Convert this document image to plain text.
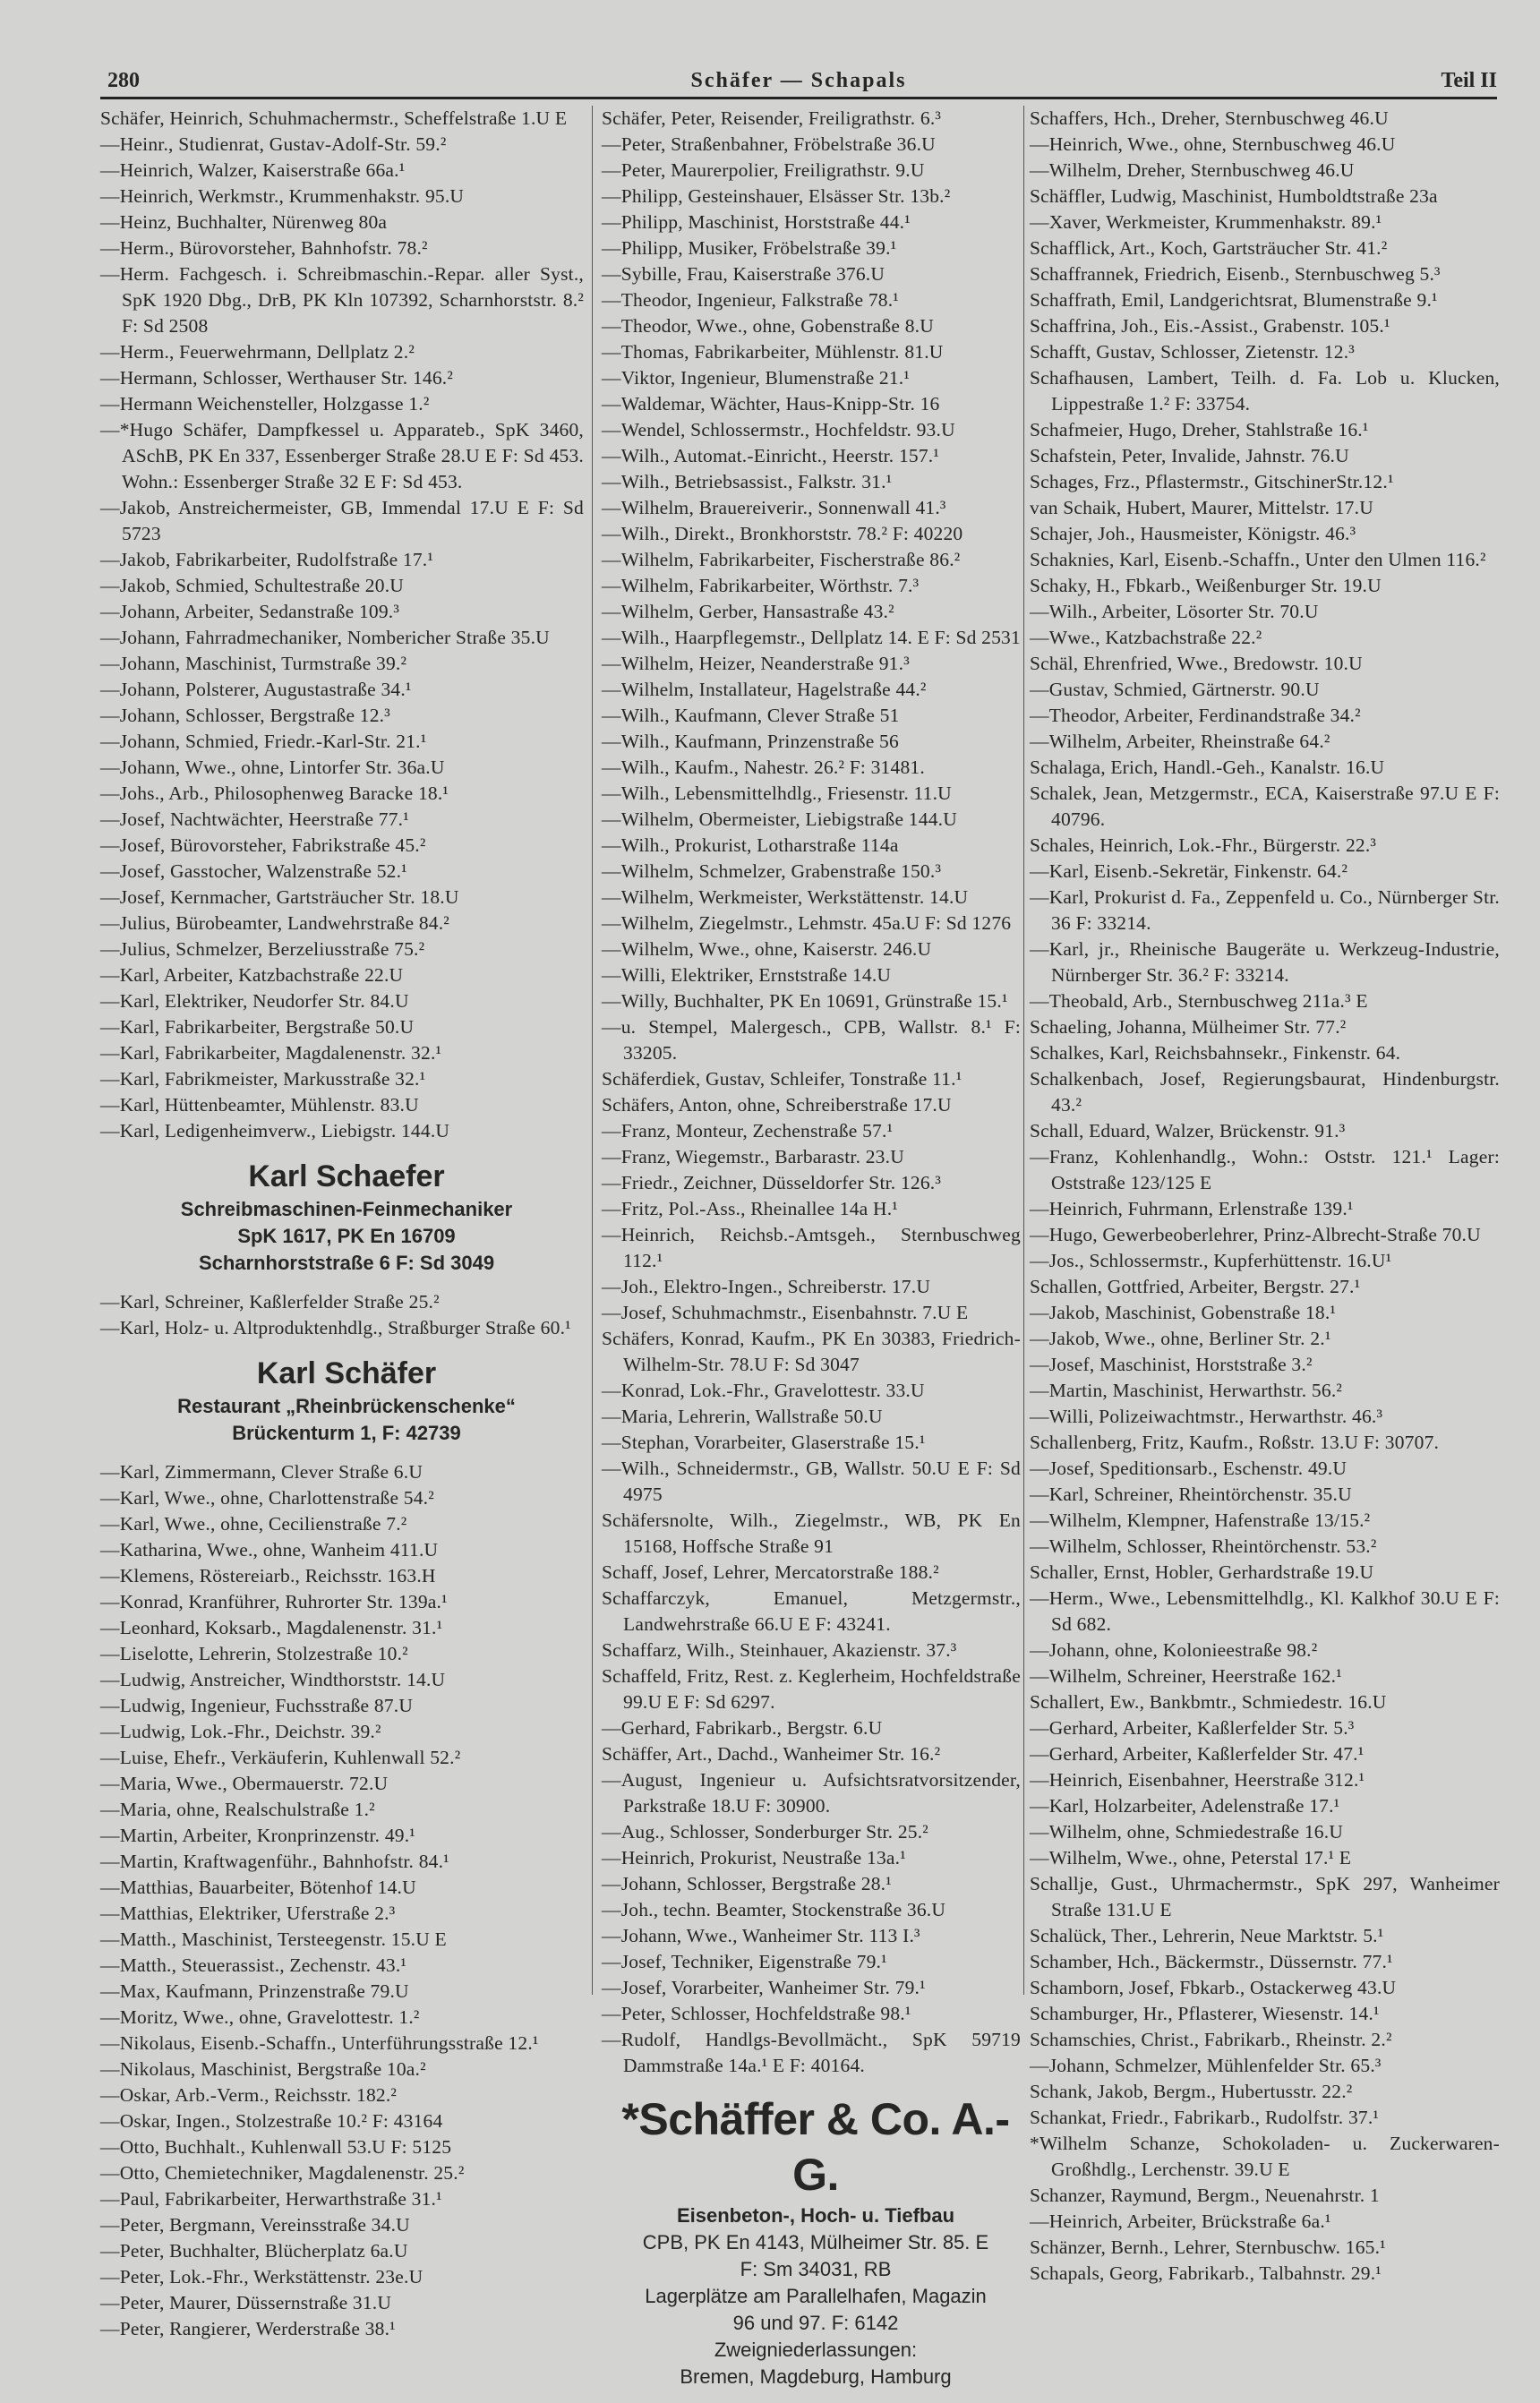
280	Schäfer — Schapals	Teil II
Schäfer, Heinrich, Schuhmachermstr., Scheffelstraße 1.U E
—Heinr., Studienrat, Gustav-Adolf-Str. 59.²
—Heinrich, Walzer, Kaiserstraße 66a.¹
—Heinrich, Werkmstr., Krummenhakstr. 95.U
—Heinz, Buchhalter, Nürenweg 80a
—Herm., Bürovorsteher, Bahnhofstr. 78.²
—Herm. Fachgesch. i. Schreibmaschin.-Repar. aller Syst., SpK 1920 Dbg., DrB, PK Kln 107392, Scharnhorststr. 8.² F: Sd 2508
—Herm., Feuerwehrmann, Dellplatz 2.²
—Hermann, Schlosser, Werthauser Str. 146.²
—Hermann Weichensteller, Holzgasse 1.²
—*Hugo Schäfer, Dampfkessel u. Apparateb., SpK 3460, ASchB, PK En 337, Essenberger Straße 28.U E F: Sd 453. Wohn.: Essenberger Straße 32 E F: Sd 453.
—Jakob, Anstreichermeister, GB, Immendal 17.U E F: Sd 5723
—Jakob, Fabrikarbeiter, Rudolfstraße 17.¹
—Jakob, Schmied, Schultestraße 20.U
—Johann, Arbeiter, Sedanstraße 109.³
—Johann, Fahrradmechaniker, Nombericher Straße 35.U
—Johann, Maschinist, Turmstraße 39.²
—Johann, Polsterer, Augustastraße 34.¹
—Johann, Schlosser, Bergstraße 12.³
—Johann, Schmied, Friedr.-Karl-Str. 21.¹
—Johann, Wwe., ohne, Lintorfer Str. 36a.U
—Johs., Arb., Philosophenweg Baracke 18.¹
—Josef, Nachtwächter, Heerstraße 77.¹
—Josef, Bürovorsteher, Fabrikstraße 45.²
—Josef, Gasstocher, Walzenstraße 52.¹
—Josef, Kernmacher, Gartsträucher Str. 18.U
—Julius, Bürobeamter, Landwehrstraße 84.²
—Julius, Schmelzer, Berzeliusstraße 75.²
—Karl, Arbeiter, Katzbachstraße 22.U
—Karl, Elektriker, Neudorfer Str. 84.U
—Karl, Fabrikarbeiter, Bergstraße 50.U
—Karl, Fabrikarbeiter, Magdalenenstr. 32.¹
—Karl, Fabrikmeister, Markusstraße 32.¹
—Karl, Hüttenbeamter, Mühlenstr. 83.U
—Karl, Ledigenheimverw., Liebigstr. 144.U
Karl Schaefer
Schreibmaschinen-Feinmechaniker
SpK 1617, PK En 16709
Scharnhorststraße 6 F: Sd 3049
—Karl, Schreiner, Kaßlerfelder Straße 25.²
—Karl, Holz- u. Altproduktenhdlg., Straßburger Straße 60.¹
Karl Schäfer
Restaurant „Rheinbrückenschenke“
Brückenturm 1, F: 42739
—Karl, Zimmermann, Clever Straße 6.U
—Karl, Wwe., ohne, Charlottenstraße 54.²
—Karl, Wwe., ohne, Cecilienstraße 7.²
—Katharina, Wwe., ohne, Wanheim 411.U
—Klemens, Röstereiarb., Reichsstr. 163.H
—Konrad, Kranführer, Ruhrorter Str. 139a.¹
—Leonhard, Koksarb., Magdalenenstr. 31.¹
—Liselotte, Lehrerin, Stolzestraße 10.²
—Ludwig, Anstreicher, Windthorststr. 14.U
—Ludwig, Ingenieur, Fuchsstraße 87.U
—Ludwig, Lok.-Fhr., Deichstr. 39.²
—Luise, Ehefr., Verkäuferin, Kuhlenwall 52.²
—Maria, Wwe., Obermauerstr. 72.U
—Maria, ohne, Realschulstraße 1.²
—Martin, Arbeiter, Kronprinzenstr. 49.¹
—Martin, Kraftwagenführ., Bahnhofstr. 84.¹
—Matthias, Bauarbeiter, Bötenhof 14.U
—Matthias, Elektriker, Uferstraße 2.³
—Matth., Maschinist, Tersteegenstr. 15.U E
—Matth., Steuerassist., Zechenstr. 43.¹
—Max, Kaufmann, Prinzenstraße 79.U
—Moritz, Wwe., ohne, Gravelottestr. 1.²
—Nikolaus, Eisenb.-Schaffn., Unterführungsstraße 12.¹
—Nikolaus, Maschinist, Bergstraße 10a.²
—Oskar, Arb.-Verm., Reichsstr. 182.²
—Oskar, Ingen., Stolzestraße 10.² F: 43164
—Otto, Buchhalt., Kuhlenwall 53.U F: 5125
—Otto, Chemietechniker, Magdalenenstr. 25.²
—Paul, Fabrikarbeiter, Herwarthstraße 31.¹
—Peter, Bergmann, Vereinsstraße 34.U
—Peter, Buchhalter, Blücherplatz 6a.U
—Peter, Lok.-Fhr., Werkstättenstr. 23e.U
—Peter, Maurer, Düssernstraße 31.U
—Peter, Rangierer, Werderstraße 38.¹
Schäfer, Peter, Reisender, Freiligrathstr. 6.³
—Peter, Straßenbahner, Fröbelstraße 36.U
—Peter, Maurerpolier, Freiligrathstr. 9.U
—Philipp, Gesteinshauer, Elsässer Str. 13b.²
—Philipp, Maschinist, Horststraße 44.¹
—Philipp, Musiker, Fröbelstraße 39.¹
—Sybille, Frau, Kaiserstraße 376.U
—Theodor, Ingenieur, Falkstraße 78.¹
—Theodor, Wwe., ohne, Gobenstraße 8.U
—Thomas, Fabrikarbeiter, Mühlenstr. 81.U
—Viktor, Ingenieur, Blumenstraße 21.¹
—Waldemar, Wächter, Haus-Knipp-Str. 16
—Wendel, Schlossermstr., Hochfeldstr. 93.U
—Wilh., Automat.-Einricht., Heerstr. 157.¹
—Wilh., Betriebsassist., Falkstr. 31.¹
—Wilhelm, Brauereiverir., Sonnenwall 41.³
—Wilh., Direkt., Bronkhorststr. 78.² F: 40220
—Wilhelm, Fabrikarbeiter, Fischerstraße 86.²
—Wilhelm, Fabrikarbeiter, Wörthstr. 7.³
—Wilhelm, Gerber, Hansastraße 43.²
—Wilh., Haarpflegemstr., Dellplatz 14. E F: Sd 2531
—Wilhelm, Heizer, Neanderstraße 91.³
—Wilhelm, Installateur, Hagelstraße 44.²
—Wilh., Kaufmann, Clever Straße 51
—Wilh., Kaufmann, Prinzenstraße 56
—Wilh., Kaufm., Nahestr. 26.² F: 31481.
—Wilh., Lebensmittelhdlg., Friesenstr. 11.U
—Wilhelm, Obermeister, Liebigstraße 144.U
—Wilh., Prokurist, Lotharstraße 114a
—Wilhelm, Schmelzer, Grabenstraße 150.³
—Wilhelm, Werkmeister, Werkstättenstr. 14.U
—Wilhelm, Ziegelmstr., Lehmstr. 45a.U F: Sd 1276
—Wilhelm, Wwe., ohne, Kaiserstr. 246.U
—Willi, Elektriker, Ernststraße 14.U
—Willy, Buchhalter, PK En 10691, Grünstraße 15.¹
—u. Stempel, Malergesch., CPB, Wallstr. 8.¹ F: 33205.
Schäferdiek, Gustav, Schleifer, Tonstraße 11.¹
Schäfers, Anton, ohne, Schreiberstraße 17.U
—Franz, Monteur, Zechenstraße 57.¹
—Franz, Wiegemstr., Barbarastr. 23.U
—Friedr., Zeichner, Düsseldorfer Str. 126.³
—Fritz, Pol.-Ass., Rheinallee 14a H.¹
—Heinrich, Reichsb.-Amtsgeh., Sternbuschweg 112.¹
—Joh., Elektro-Ingen., Schreiberstr. 17.U
—Josef, Schuhmachmstr., Eisenbahnstr. 7.U E
Schäfers, Konrad, Kaufm., PK En 30383, Friedrich-Wilhelm-Str. 78.U F: Sd 3047
—Konrad, Lok.-Fhr., Gravelottestr. 33.U
—Maria, Lehrerin, Wallstraße 50.U
—Stephan, Vorarbeiter, Glaserstraße 15.¹
—Wilh., Schneidermstr., GB, Wallstr. 50.U E F: Sd 4975
Schäfersnolte, Wilh., Ziegelmstr., WB, PK En 15168, Hoffsche Straße 91
Schaff, Josef, Lehrer, Mercatorstraße 188.²
Schaffarczyk, Emanuel, Metzgermstr., Landwehrstraße 66.U E F: 43241.
Schaffarz, Wilh., Steinhauer, Akazienstr. 37.³
Schaffeld, Fritz, Rest. z. Keglerheim, Hochfeldstraße 99.U E F: Sd 6297.
—Gerhard, Fabrikarb., Bergstr. 6.U
Schäffer, Art., Dachd., Wanheimer Str. 16.²
—August, Ingenieur u. Aufsichtsratvorsitzender, Parkstraße 18.U F: 30900.
—Aug., Schlosser, Sonderburger Str. 25.²
—Heinrich, Prokurist, Neustraße 13a.¹
—Johann, Schlosser, Bergstraße 28.¹
—Joh., techn. Beamter, Stockenstraße 36.U
—Johann, Wwe., Wanheimer Str. 113 I.³
—Josef, Techniker, Eigenstraße 79.¹
—Josef, Vorarbeiter, Wanheimer Str. 79.¹
—Peter, Schlosser, Hochfeldstraße 98.¹
—Rudolf, Handlgs-Bevollmächt., SpK 59719 Dammstraße 14a.¹ E F: 40164.
*Schäffer & Co. A.-G.
Eisenbeton-, Hoch- u. Tiefbau
CPB, PK En 4143, Mülheimer Str. 85. E
F: Sm 34031, RB
Lagerplätze am Parallelhafen, Magazin
96 und 97. F: 6142
Zweigniederlassungen:
Bremen, Magdeburg, Hamburg
Schaffers, Hch., Dreher, Sternbuschweg 46.U
—Heinrich, Wwe., ohne, Sternbuschweg 46.U
—Wilhelm, Dreher, Sternbuschweg 46.U
Schäffler, Ludwig, Maschinist, Humboldtstraße 23a
—Xaver, Werkmeister, Krummenhakstr. 89.¹
Schafflick, Art., Koch, Gartsträucher Str. 41.²
Schaffrannek, Friedrich, Eisenb., Sternbuschweg 5.³
Schaffrath, Emil, Landgerichtsrat, Blumenstraße 9.¹
Schaffrina, Joh., Eis.-Assist., Grabenstr. 105.¹
Schafft, Gustav, Schlosser, Zietenstr. 12.³
Schafhausen, Lambert, Teilh. d. Fa. Lob u. Klucken, Lippestraße 1.² F: 33754.
Schafmeier, Hugo, Dreher, Stahlstraße 16.¹
Schafstein, Peter, Invalide, Jahnstr. 76.U
Schages, Frz., Pflastermstr., GitschinerStr.12.¹
van Schaik, Hubert, Maurer, Mittelstr. 17.U
Schajer, Joh., Hausmeister, Königstr. 46.³
Schaknies, Karl, Eisenb.-Schaffn., Unter den Ulmen 116.²
Schaky, H., Fbkarb., Weißenburger Str. 19.U
—Wilh., Arbeiter, Lösorter Str. 70.U
—Wwe., Katzbachstraße 22.²
Schäl, Ehrenfried, Wwe., Bredowstr. 10.U
—Gustav, Schmied, Gärtnerstr. 90.U
—Theodor, Arbeiter, Ferdinandstraße 34.²
—Wilhelm, Arbeiter, Rheinstraße 64.²
Schalaga, Erich, Handl.-Geh., Kanalstr. 16.U
Schalek, Jean, Metzgermstr., ECA, Kaiserstraße 97.U E F: 40796.
Schales, Heinrich, Lok.-Fhr., Bürgerstr. 22.³
—Karl, Eisenb.-Sekretär, Finkenstr. 64.²
—Karl, Prokurist d. Fa., Zeppenfeld u. Co., Nürnberger Str. 36 F: 33214.
—Karl, jr., Rheinische Baugeräte u. Werkzeug-Industrie, Nürnberger Str. 36.² F: 33214.
—Theobald, Arb., Sternbuschweg 211a.³ E
Schaeling, Johanna, Mülheimer Str. 77.²
Schalkes, Karl, Reichsbahnsekr., Finkenstr. 64.
Schalkenbach, Josef, Regierungsbaurat, Hindenburgstr. 43.²
Schall, Eduard, Walzer, Brückenstr. 91.³
—Franz, Kohlenhandlg., Wohn.: Oststr. 121.¹ Lager: Oststraße 123/125 E
—Heinrich, Fuhrmann, Erlenstraße 139.¹
—Hugo, Gewerbeoberlehrer, Prinz-Albrecht-Straße 70.U
—Jos., Schlossermstr., Kupferhüttenstr. 16.U¹
Schallen, Gottfried, Arbeiter, Bergstr. 27.¹
—Jakob, Maschinist, Gobenstraße 18.¹
—Jakob, Wwe., ohne, Berliner Str. 2.¹
—Josef, Maschinist, Horststraße 3.²
—Martin, Maschinist, Herwarthstr. 56.²
—Willi, Polizeiwachtmstr., Herwarthstr. 46.³
Schallenberg, Fritz, Kaufm., Roßstr. 13.U F: 30707.
—Josef, Speditionsarb., Eschenstr. 49.U
—Karl, Schreiner, Rheintörchenstr. 35.U
—Wilhelm, Klempner, Hafenstraße 13/15.²
—Wilhelm, Schlosser, Rheintörchenstr. 53.²
Schaller, Ernst, Hobler, Gerhardstraße 19.U
—Herm., Wwe., Lebensmittelhdlg., Kl. Kalkhof 30.U E F: Sd 682.
—Johann, ohne, Kolonieestraße 98.²
—Wilhelm, Schreiner, Heerstraße 162.¹
Schallert, Ew., Bankbmtr., Schmiedestr. 16.U
—Gerhard, Arbeiter, Kaßlerfelder Str. 5.³
—Gerhard, Arbeiter, Kaßlerfelder Str. 47.¹
—Heinrich, Eisenbahner, Heerstraße 312.¹
—Karl, Holzarbeiter, Adelenstraße 17.¹
—Wilhelm, ohne, Schmiedestraße 16.U
—Wilhelm, Wwe., ohne, Peterstal 17.¹ E
Schallje, Gust., Uhrmachermstr., SpK 297, Wanheimer Straße 131.U E
Schalück, Ther., Lehrerin, Neue Marktstr. 5.¹
Schamber, Hch., Bäckermstr., Düssernstr. 77.¹
Schamborn, Josef, Fbkarb., Ostackerweg 43.U
Schamburger, Hr., Pflasterer, Wiesenstr. 14.¹
Schamschies, Christ., Fabrikarb., Rheinstr. 2.²
—Johann, Schmelzer, Mühlenfelder Str. 65.³
Schank, Jakob, Bergm., Hubertusstr. 22.²
Schankat, Friedr., Fabrikarb., Rudolfstr. 37.¹
*Wilhelm Schanze, Schokoladen- u. Zuckerwaren-Großhdlg., Lerchenstr. 39.U E
Schanzer, Raymund, Bergm., Neuenahrstr. 1
—Heinrich, Arbeiter, Brückstraße 6a.¹
Schänzer, Bernh., Lehrer, Sternbuschw. 165.¹
Schapals, Georg, Fabrikarb., Talbahnstr. 29.¹
